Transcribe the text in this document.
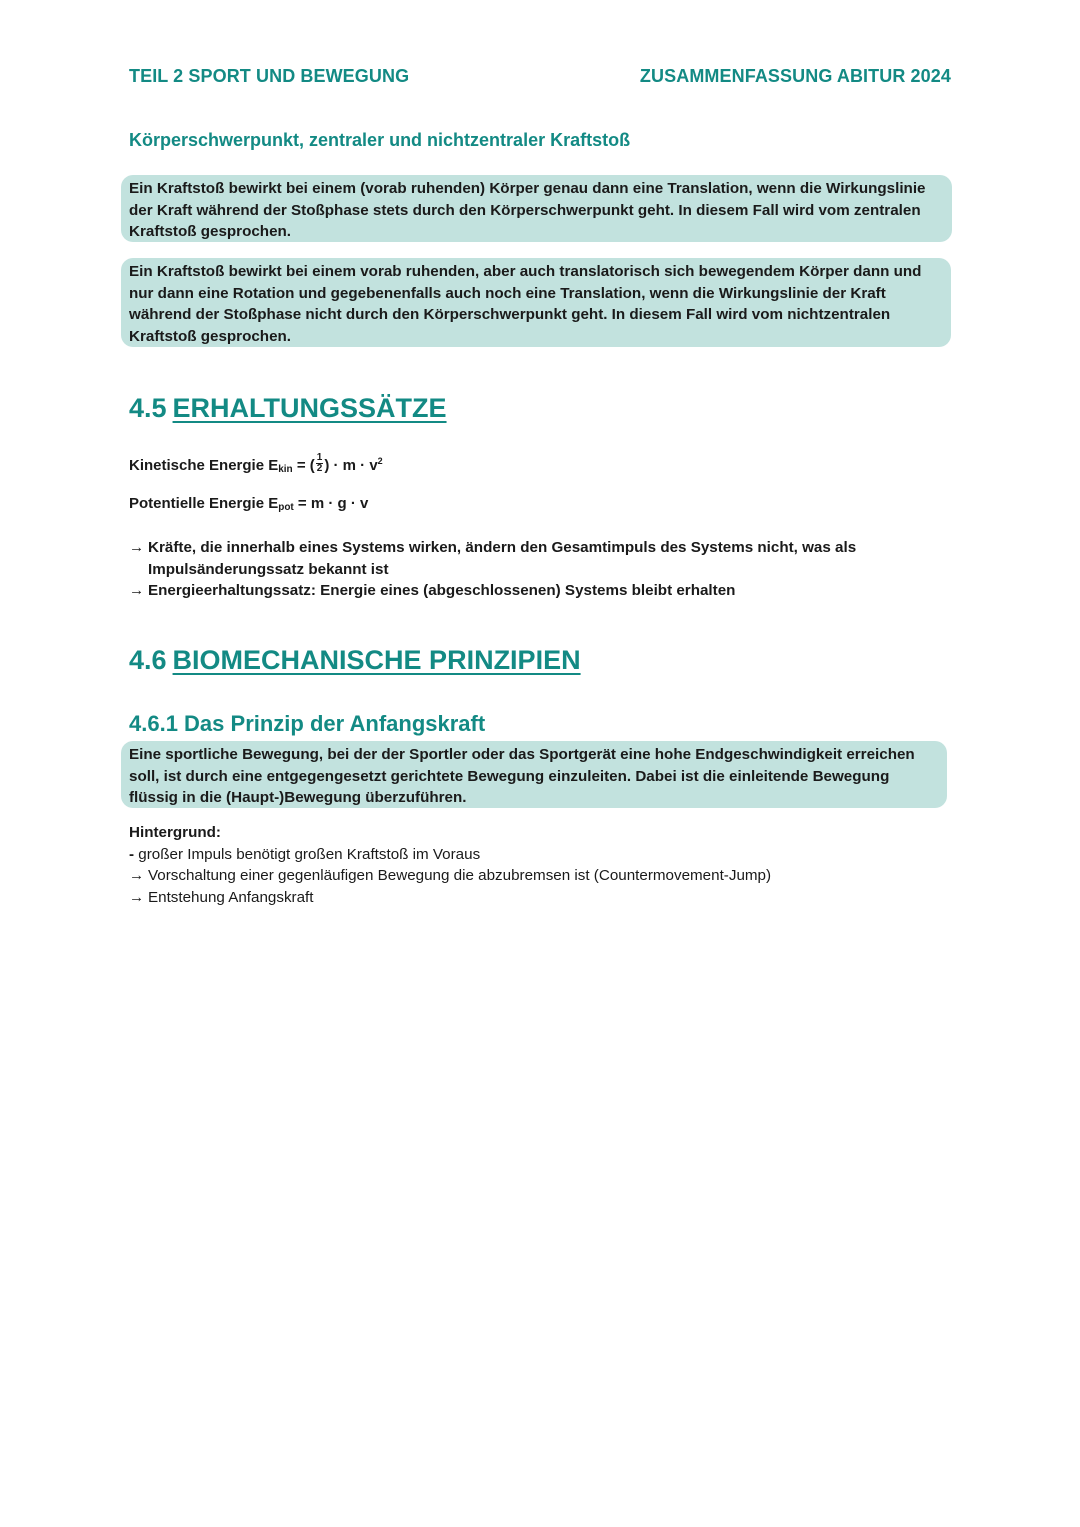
TEIL 2 SPORT UND BEWEGUNG	ZUSAMMENFASSUNG ABITUR 2024
Körperschwerpunkt, zentraler und nichtzentraler Kraftstoß
Ein Kraftstoß bewirkt bei einem (vorab ruhenden) Körper genau dann eine Translation, wenn die Wirkungslinie
der Kraft während der Stoßphase stets durch den Körperschwerpunkt geht. In diesem Fall wird vom zentralen
Kraftstoß gesprochen.
Ein Kraftstoß bewirkt bei einem vorab ruhenden, aber auch translatorisch sich bewegendem Körper dann und
nur dann eine Rotation und gegebenenfalls auch noch eine Translation, wenn die Wirkungslinie der Kraft
während der Stoßphase nicht durch den Körperschwerpunkt geht. In diesem Fall wird vom nichtzentralen
Kraftstoß gesprochen.
4.5 ERHALTUNGSSÄTZE
Kinetische Energie $E_{kin}$ = ( $\frac{1}{2}$ ) · $m \cdot v^2$
Potentielle Energie $E_{pot} = m \cdot g \cdot v$
→ Kräfte, die innerhalb eines Systems wirken, ändern den Gesamtimpuls des Systems nicht, was als
Impulsänderungssatz bekannt ist
→ Energieerhaltungssatz: Energie eines (abgeschlossenen) Systems bleibt erhalten
4.6 BIOMECHANISCHE PRINZIPIEN
4.6.1 Das Prinzip der Anfangskraft
Eine sportliche Bewegung, bei der der Sportler oder das Sportgerät eine hohe Endgeschwindigkeit erreichen
soll, ist durch eine entgegengesetzt gerichtete Bewegung einzuleiten. Dabei ist die einleitende Bewegung
flüssig in die (Haupt-)Bewegung überzuführen.
Hintergrund:
- großer Impuls benötigt großen Kraftstoß im Voraus
→ Vorschaltung einer gegenläufigen Bewegung die abzubremsen ist (Countermovement-Jump)
→ Entstehung Anfangskraft
